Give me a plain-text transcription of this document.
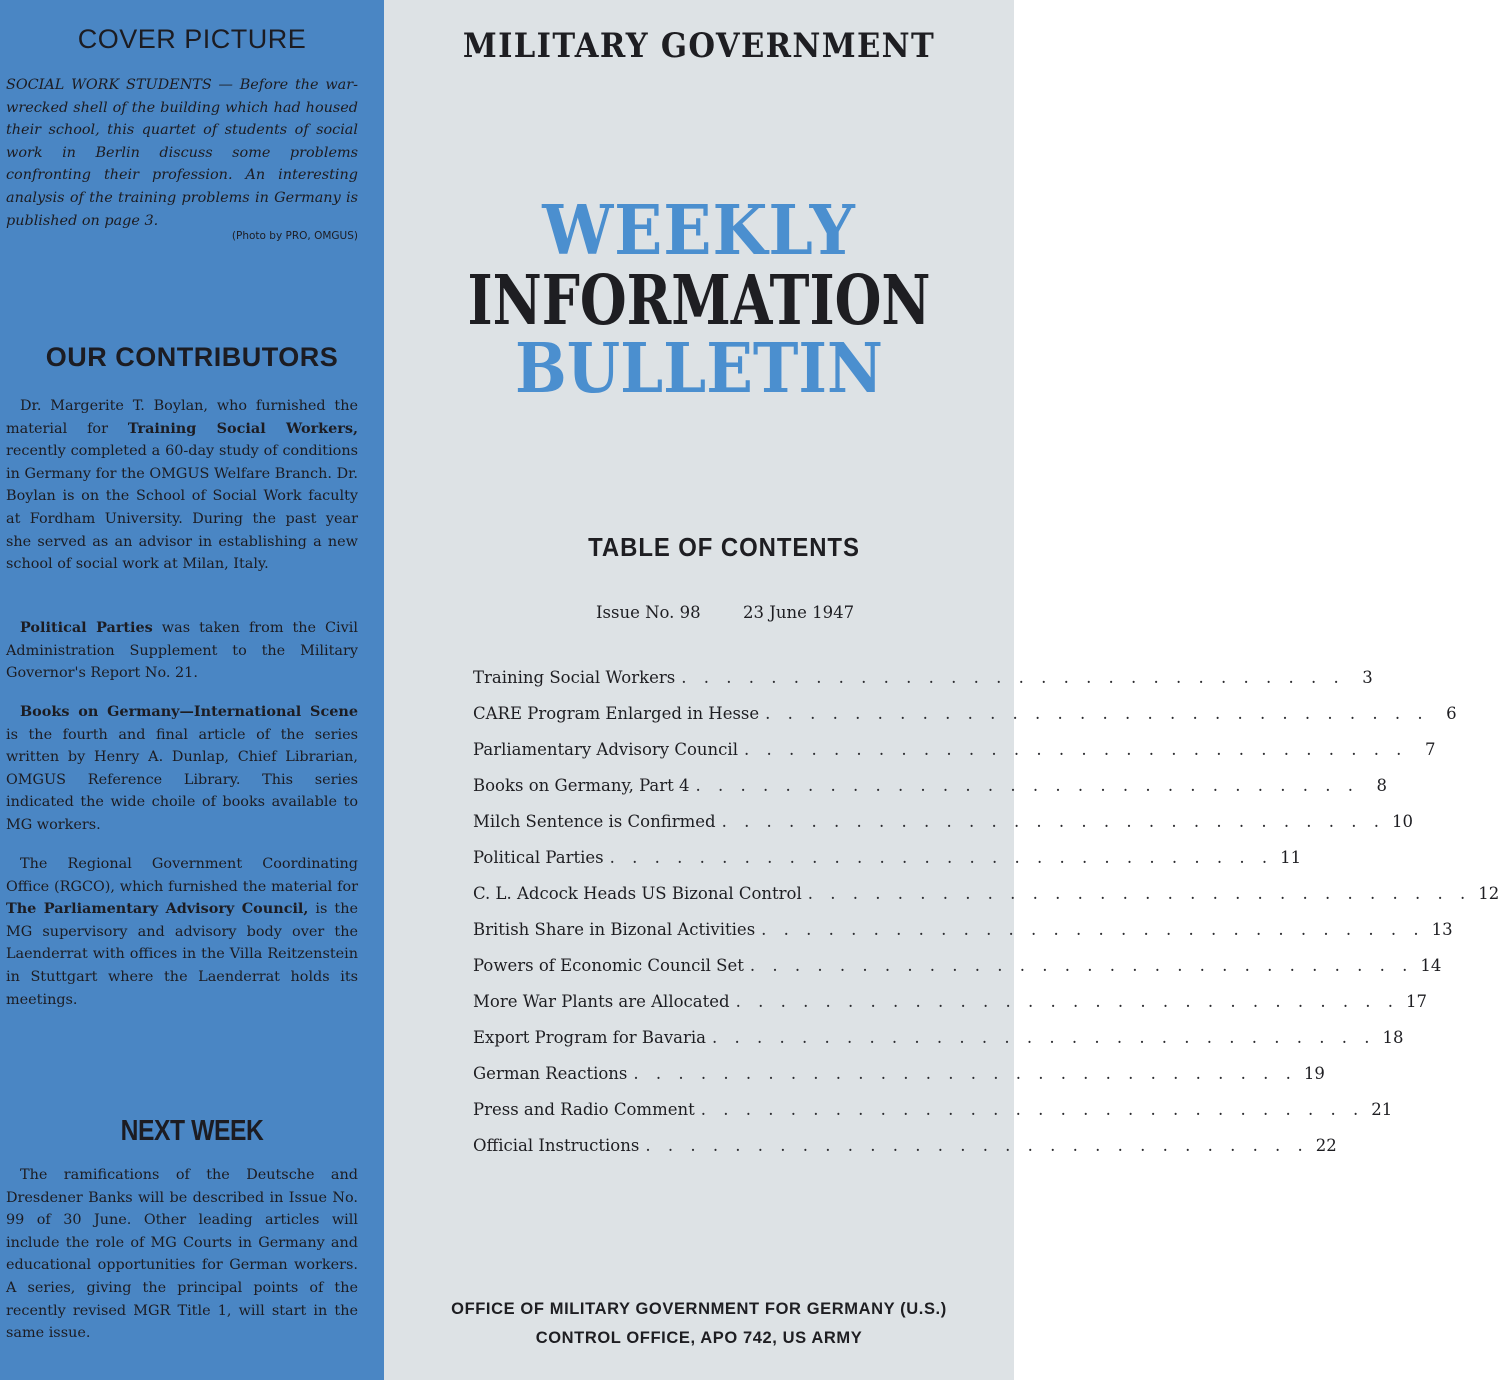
COVER PICTURE

SOCIAL WORK STUDENTS — Before the war-wrecked shell of the building which had housed their school, this quartet of students of social work in Berlin discuss some problems confronting their profession. An interesting analysis of the training problems in Germany is published on page 3.

(Photo by PRO, OMGUS)
OUR CONTRIBUTORS

Dr. Margerite T. Boylan, who furnished the material for Training Social Workers, recently completed a 60-day study of conditions in Germany for the OMGUS Welfare Branch. Dr. Boylan is on the School of Social Work faculty at Fordham University. During the past year she served as an advisor in establishing a new school of social work at Milan, Italy.

Political Parties was taken from the Civil Administration Supplement to the Military Governor's Report No. 21.

Books on Germany—International Scene is the fourth and final article of the series written by Henry A. Dunlap, Chief Librarian, OMGUS Reference Library. This series indicated the wide choile of books available to MG workers.

The Regional Government Coordinating Office (RGCO), which furnished the material for The Parliamentary Advisory Council, is the MG supervisory and advisory body over the Laenderrat with offices in the Villa Reitzenstein in Stuttgart where the Laenderrat holds its meetings.

NEXT WEEK

The ramifications of the Deutsche and Dresdener Banks will be described in Issue No. 99 of 30 June. Other leading articles will include the role of MG Courts in Germany and educational opportunities for German workers. A series, giving the principal points of the recently revised MGR Title 1, will start in the same issue.

MILITARY GOVERNMENT
WEEKLY
INFORMATION
BULLETIN
TABLE OF CONTENTS
Issue No. 98	23 June 1947
Training Social Workers . . . . . . . . . . . . . . . . . . . . . . . . . . . . . .	3
CARE Program Enlarged in Hesse . . . . . . . . . . . . . . . . . . . . . . . . . . . . . .	6
Parliamentary Advisory Council . . . . . . . . . . . . . . . . . . . . . . . . . . . . . .	7
Books on Germany, Part 4 . . . . . . . . . . . . . . . . . . . . . . . . . . . . . .	8
Milch Sentence is Confirmed . . . . . . . . . . . . . . . . . . . . . . . . . . . . . . 10
Political Parties . . . . . . . . . . . . . . . . . . . . . . . . . . . . . . 11
C. L. Adcock Heads US Bizonal Control . . . . . . . . . . . . . . . . . . . . . . . . . . . . . . 12
British Share in Bizonal Activities . . . . . . . . . . . . . . . . . . . . . . . . . . . . . . 13
Powers of Economic Council Set . . . . . . . . . . . . . . . . . . . . . . . . . . . . . . 14
More War Plants are Allocated . . . . . . . . . . . . . . . . . . . . . . . . . . . . . . 17
Export Program for Bavaria . . . . . . . . . . . . . . . . . . . . . . . . . . . . . . 18
German Reactions . . . . . . . . . . . . . . . . . . . . . . . . . . . . . . 19
Press and Radio Comment . . . . . . . . . . . . . . . . . . . . . . . . . . . . . . 21
Official Instructions . . . . . . . . . . . . . . . . . . . . . . . . . . . . . . 22
OFFICE OF MILITARY GOVERNMENT FOR GERMANY (U.S.)
CONTROL OFFICE, APO 742, US ARMY
